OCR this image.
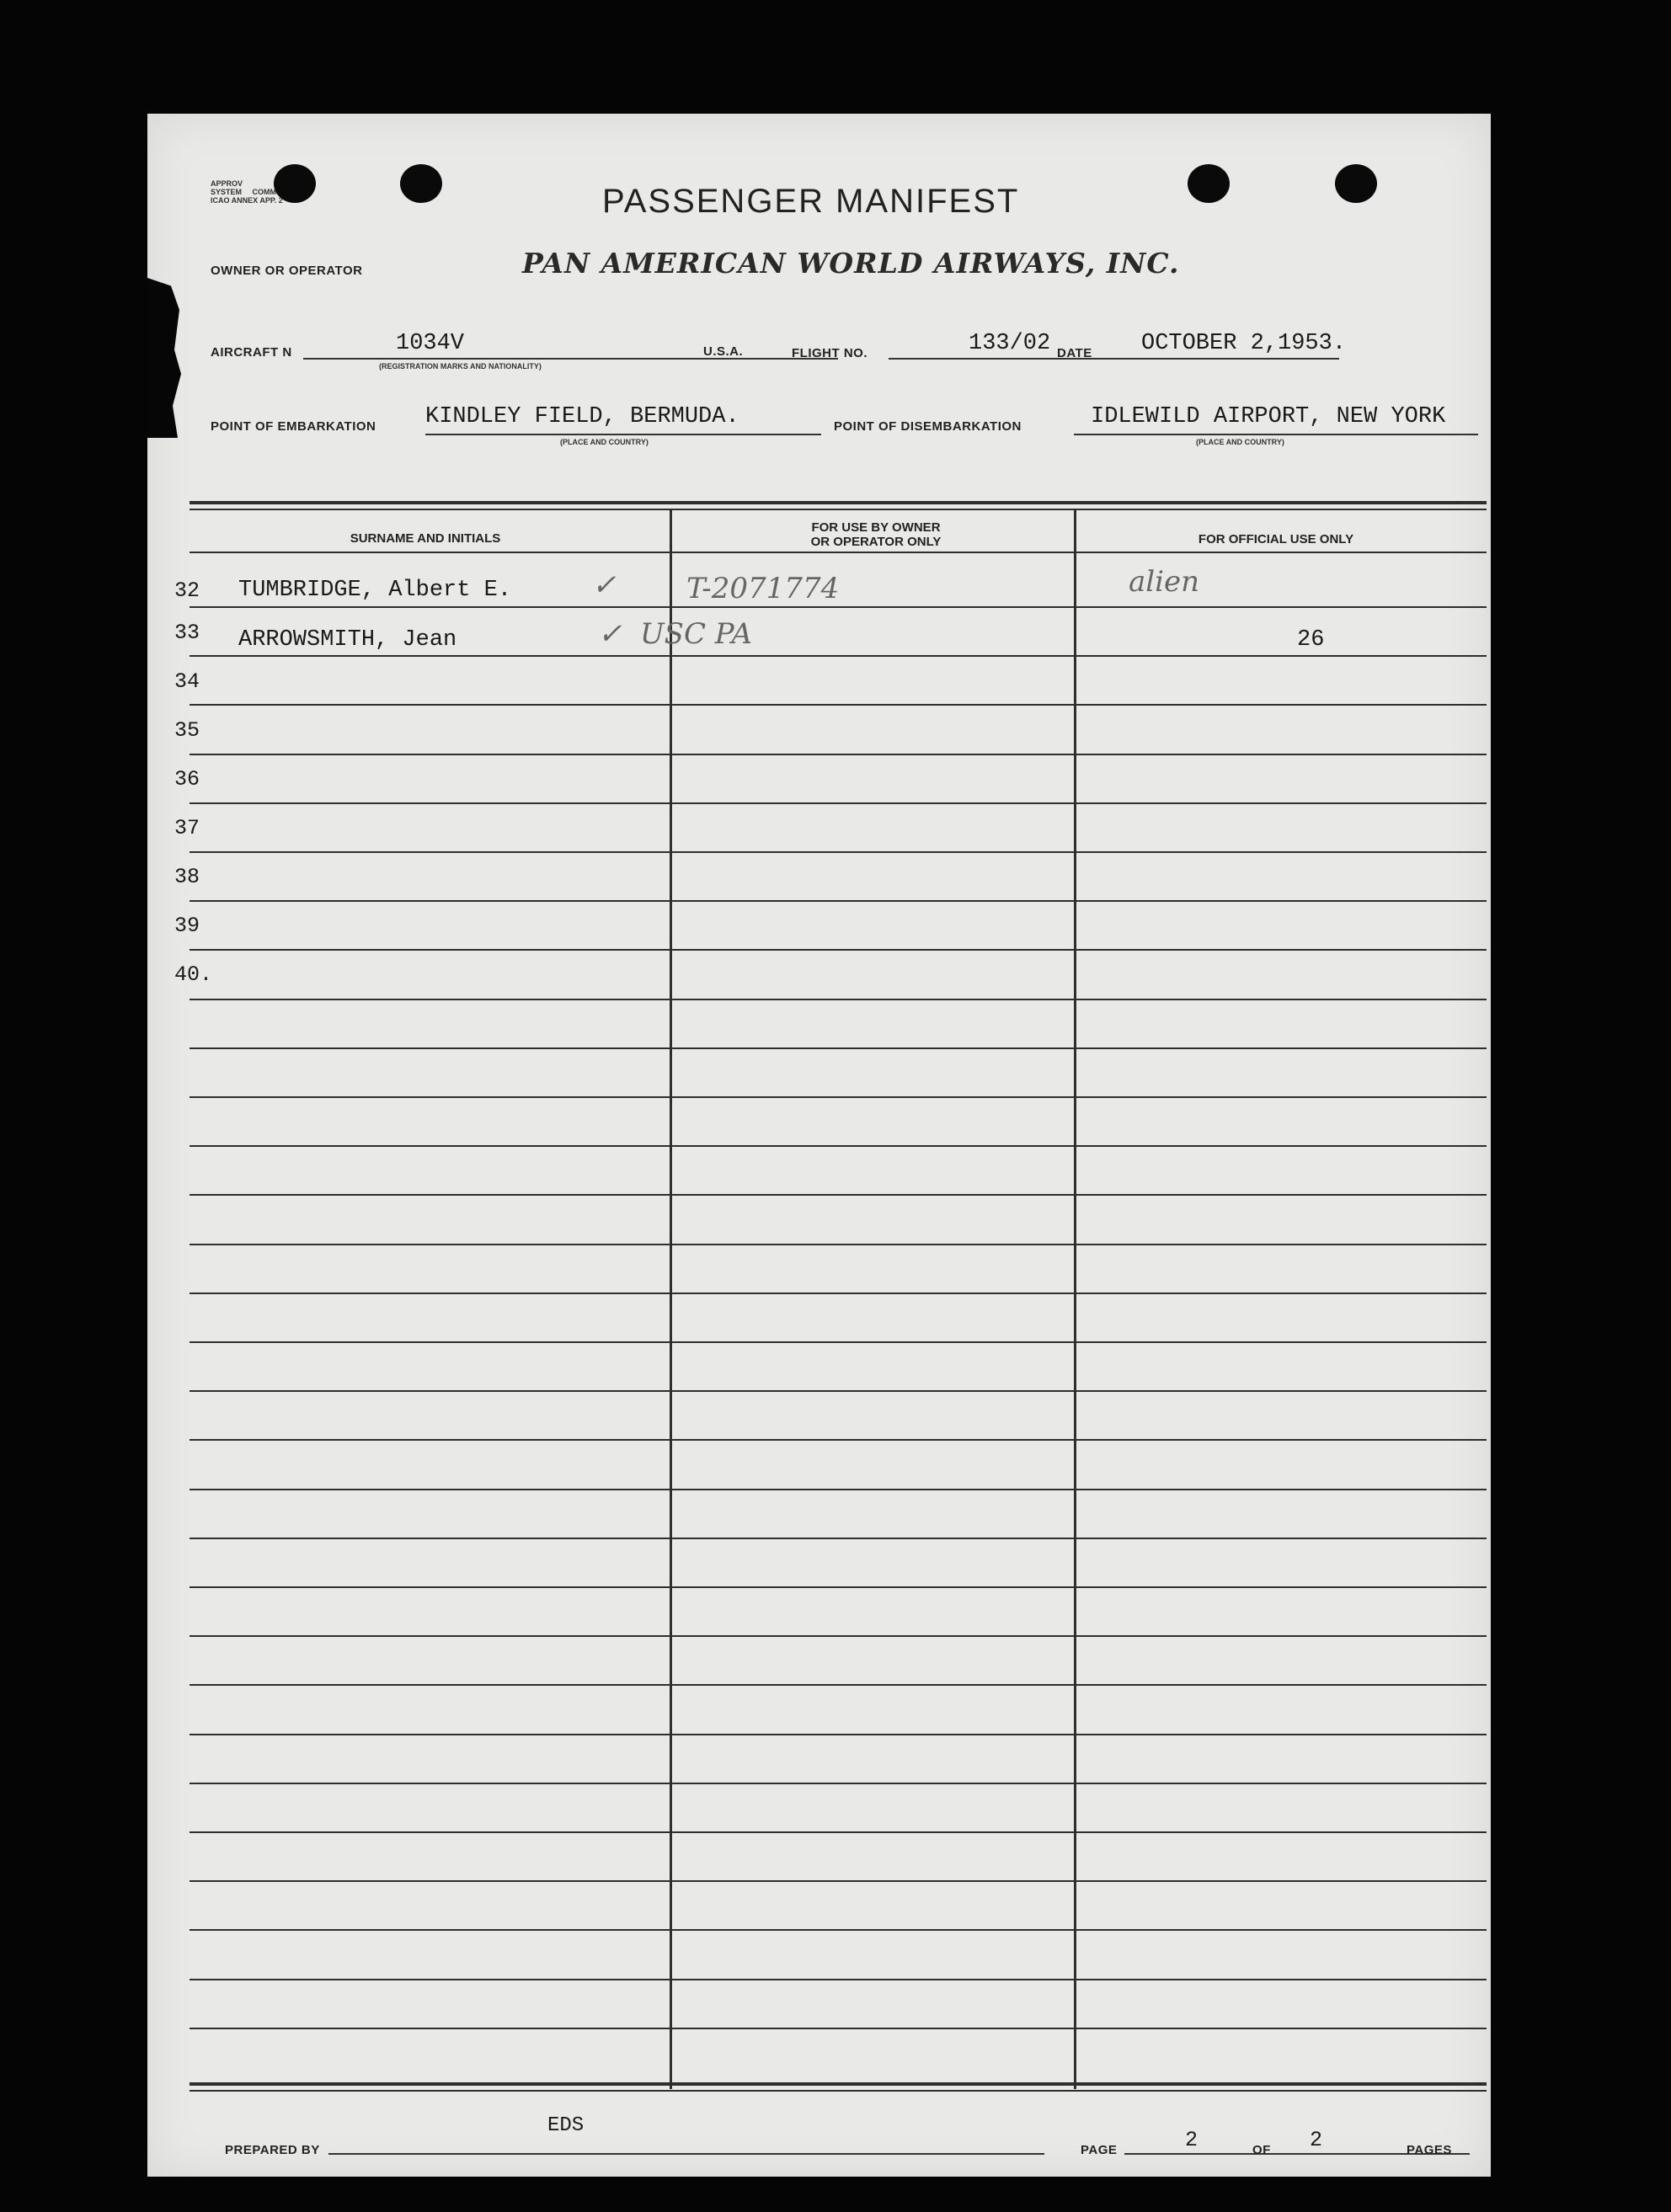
APPROV
SYSTEM COMM.
ICAO ANNEX APP. 2	PASSENGER MANIFEST
OWNER OR OPERATOR	PAN AMERICAN WORLD AIRWAYS, INC.
AIRCRAFT N	1034V
(REGISTRATION MARKS AND NATIONALITY)
U.S.A.	FLIGHT NO.	133/02 DATE OCTOBER 2,1953.
POINT OF EMBARKATION KINDLEY FIELD, BERMUDA.
(PLACE AND COUNTRY)
POINT OF DISEMBARKATION	IDLEWILD AIRPORT, NEW YORK
(PLACE AND COUNTRY)
SURNAME AND INITIALS
FOR USE BY OWNER
OR OPERATOR ONLY	FOR OFFICIAL USE ONLY
32 TUMBRIDGE, Albert E.	✓ T-2071774	alien
33 ARROWSMITH, Jean	✓ USC PA	26
34
35
36
37
38
39
40.
PREPARED BY
EDS
PAGE	2	OF 2	PAGES
